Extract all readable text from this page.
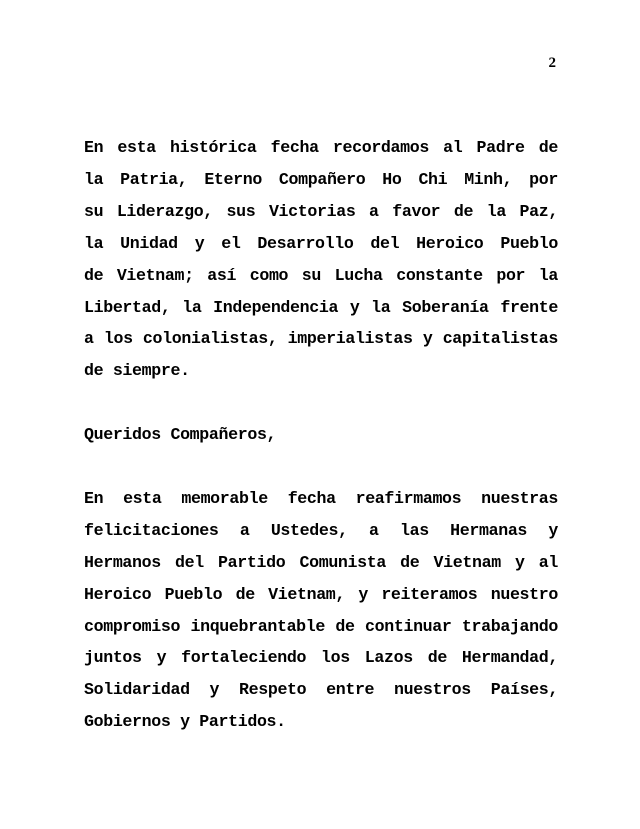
2

En esta histórica fecha recordamos al Padre de
la Patria, Eterno Compañero Ho Chi Minh, por
su Liderazgo, sus Victorias a favor de la Paz,
la Unidad y el Desarrollo del Heroico Pueblo
de Vietnam; así como su Lucha constante por la
Libertad, la Independencia y la Soberanía frente
a los colonialistas, imperialistas y capitalistas
de siempre.

Queridos Compañeros,

En esta memorable fecha reafirmamos nuestras
felicitaciones a Ustedes, a las Hermanas y
Hermanos del Partido Comunista de Vietnam y al
Heroico Pueblo de Vietnam, y reiteramos nuestro
compromiso inquebrantable de continuar trabajando
juntos y fortaleciendo los Lazos de Hermandad,
Solidaridad y Respeto entre nuestros Países,
Gobiernos y Partidos.
